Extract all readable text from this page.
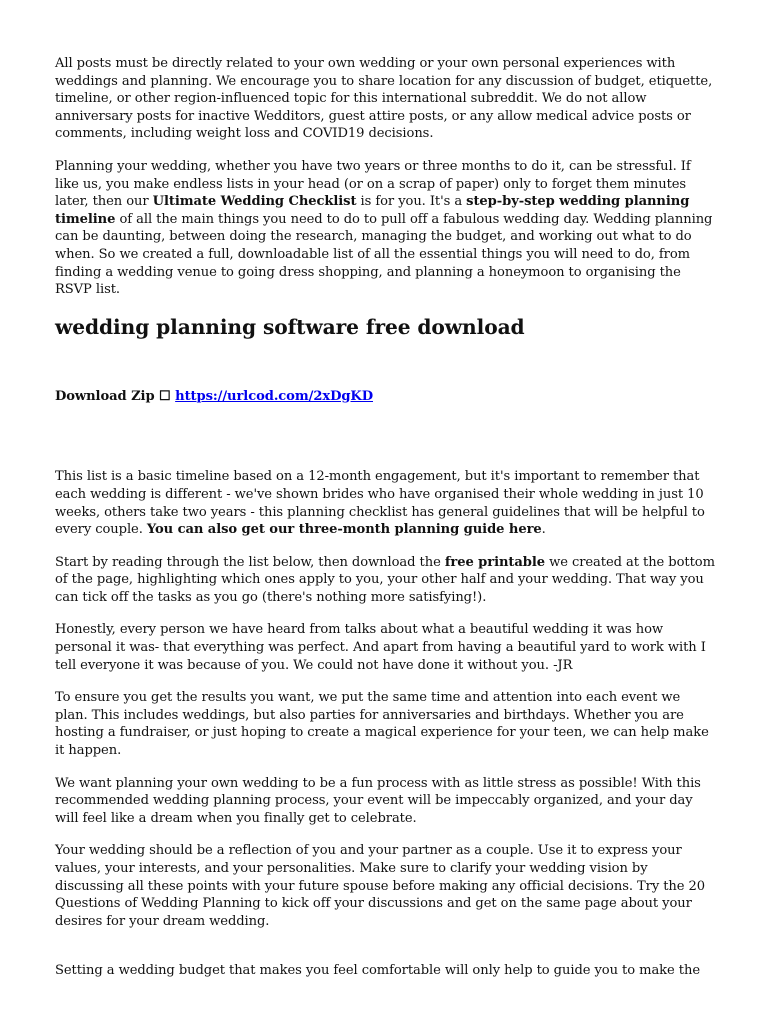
All posts must be directly related to your own wedding or your own personal experiences with weddings and planning. We encourage you to share location for any discussion of budget, etiquette, timeline, or other region-influenced topic for this international subreddit. We do not allow anniversary posts for inactive Wedditors, guest attire posts, or any allow medical advice posts or comments, including weight loss and COVID19 decisions.

Planning your wedding, whether you have two years or three months to do it, can be stressful. If like us, you make endless lists in your head (or on a scrap of paper) only to forget them minutes later, then our Ultimate Wedding Checklist is for you. It's a step-by-step wedding planning timeline of all the main things you need to do to pull off a fabulous wedding day. Wedding planning can be daunting, between doing the research, managing the budget, and working out what to do when. So we created a full, downloadable list of all the essential things you will need to do, from finding a wedding venue to going dress shopping, and planning a honeymoon to organising the RSVP list.

wedding planning software free download

Download Zip ☐ https://urlcod.com/2xDgKD

This list is a basic timeline based on a 12-month engagement, but it's important to remember that each wedding is different - we've shown brides who have organised their whole wedding in just 10 weeks, others take two years - this planning checklist has general guidelines that will be helpful to every couple. You can also get our three-month planning guide here.

Start by reading through the list below, then download the free printable we created at the bottom of the page, highlighting which ones apply to you, your other half and your wedding. That way you can tick off the tasks as you go (there's nothing more satisfying!).

Honestly, every person we have heard from talks about what a beautiful wedding it was how personal it was- that everything was perfect. And apart from having a beautiful yard to work with I tell everyone it was because of you. We could not have done it without you. -JR

To ensure you get the results you want, we put the same time and attention into each event we plan. This includes weddings, but also parties for anniversaries and birthdays. Whether you are hosting a fundraiser, or just hoping to create a magical experience for your teen, we can help make it happen.

We want planning your own wedding to be a fun process with as little stress as possible! With this recommended wedding planning process, your event will be impeccably organized, and your day will feel like a dream when you finally get to celebrate.

Your wedding should be a reflection of you and your partner as a couple. Use it to express your values, your interests, and your personalities. Make sure to clarify your wedding vision by discussing all these points with your future spouse before making any official decisions. Try the 20 Questions of Wedding Planning to kick off your discussions and get on the same page about your desires for your dream wedding.

Setting a wedding budget that makes you feel comfortable will only help to guide you to make the
